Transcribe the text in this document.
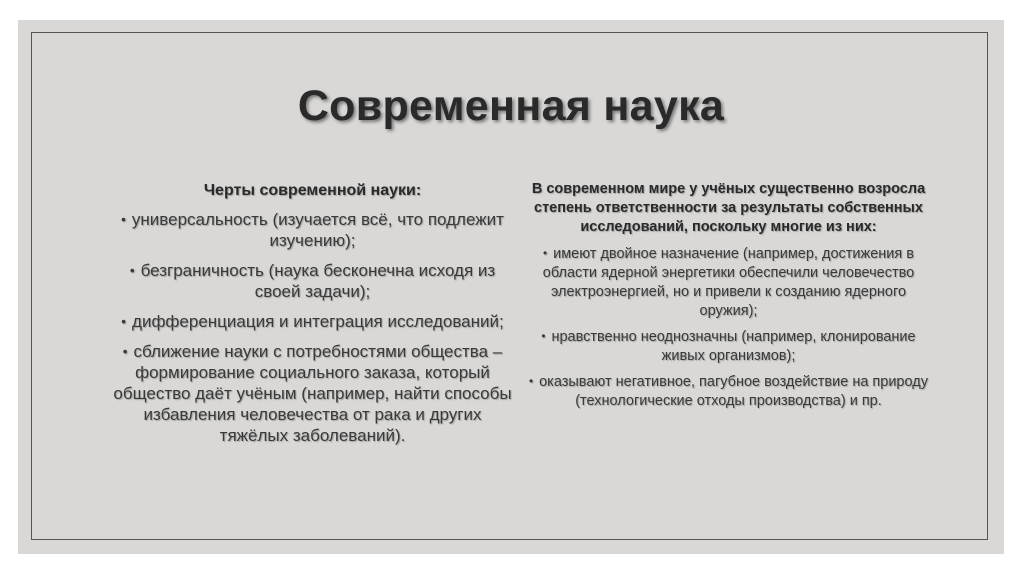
Современная наука
Черты современной науки:
• универсальность (изучается всё, что подлежит изучению);
• безграничность (наука бесконечна исходя из своей задачи);
• дифференциация и интеграция исследований;
• сближение науки с потребностями общества – формирование социального заказа, который общество даёт учёным (например, найти способы избавления человечества от рака и других тяжёлых заболеваний).
В современном мире у учёных существенно возросла степень ответственности за результаты собственных исследований, поскольку многие из них:
• имеют двойное назначение (например, достижения в области ядерной энергетики обеспечили человечество электроэнергией, но и привели к созданию ядерного оружия);
• нравственно неоднозначны (например, клонирование живых организмов);
• оказывают негативное, пагубное воздействие на природу (технологические отходы производства) и пр.
